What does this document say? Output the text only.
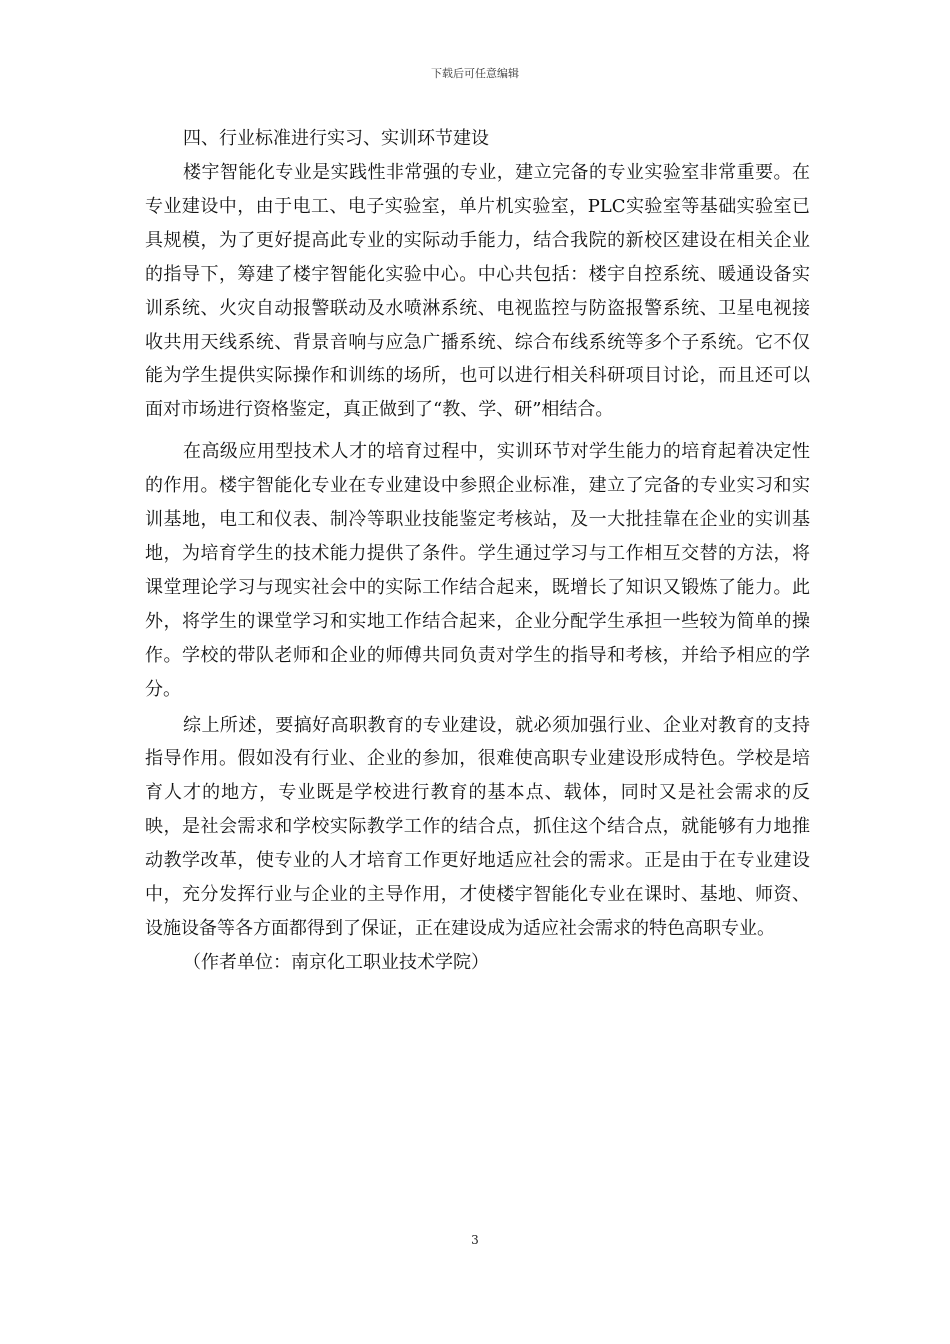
下载后可任意编辑

四、行业标准进行实习、实训环节建设

楼宇智能化专业是实践性非常强的专业，建立完备的专业实验室非常重要。在专业建设中，由于电工、电子实验室，单片机实验室，PLC实验室等基础实验室已具规模，为了更好提高此专业的实际动手能力，结合我院的新校区建设在相关企业的指导下，筹建了楼宇智能化实验中心。中心共包括：楼宇自控系统、暖通设备实训系统、火灾自动报警联动及水喷淋系统、电视监控与防盗报警系统、卫星电视接收共用天线系统、背景音响与应急广播系统、综合布线系统等多个子系统。它不仅能为学生提供实际操作和训练的场所，也可以进行相关科研项目讨论，而且还可以面对市场进行资格鉴定，真正做到了“教、学、研”相结合。

在高级应用型技术人才的培育过程中，实训环节对学生能力的培育起着决定性的作用。楼宇智能化专业在专业建设中参照企业标准，建立了完备的专业实习和实训基地，电工和仪表、制冷等职业技能鉴定考核站，及一大批挂靠在企业的实训基地，为培育学生的技术能力提供了条件。学生通过学习与工作相互交替的方法，将课堂理论学习与现实社会中的实际工作结合起来，既增长了知识又锻炼了能力。此外，将学生的课堂学习和实地工作结合起来，企业分配学生承担一些较为简单的操作。学校的带队老师和企业的师傅共同负责对学生的指导和考核，并给予相应的学分。

综上所述，要搞好高职教育的专业建设，就必须加强行业、企业对教育的支持指导作用。假如没有行业、企业的参加，很难使高职专业建设形成特色。学校是培育人才的地方，专业既是学校进行教育的基本点、载体，同时又是社会需求的反映，是社会需求和学校实际教学工作的结合点，抓住这个结合点，就能够有力地推动教学改革，使专业的人才培育工作更好地适应社会的需求。正是由于在专业建设中，充分发挥行业与企业的主导作用，才使楼宇智能化专业在课时、基地、师资、设施设备等各方面都得到了保证，正在建设成为适应社会需求的特色高职专业。

（作者单位：南京化工职业技术学院）

3
